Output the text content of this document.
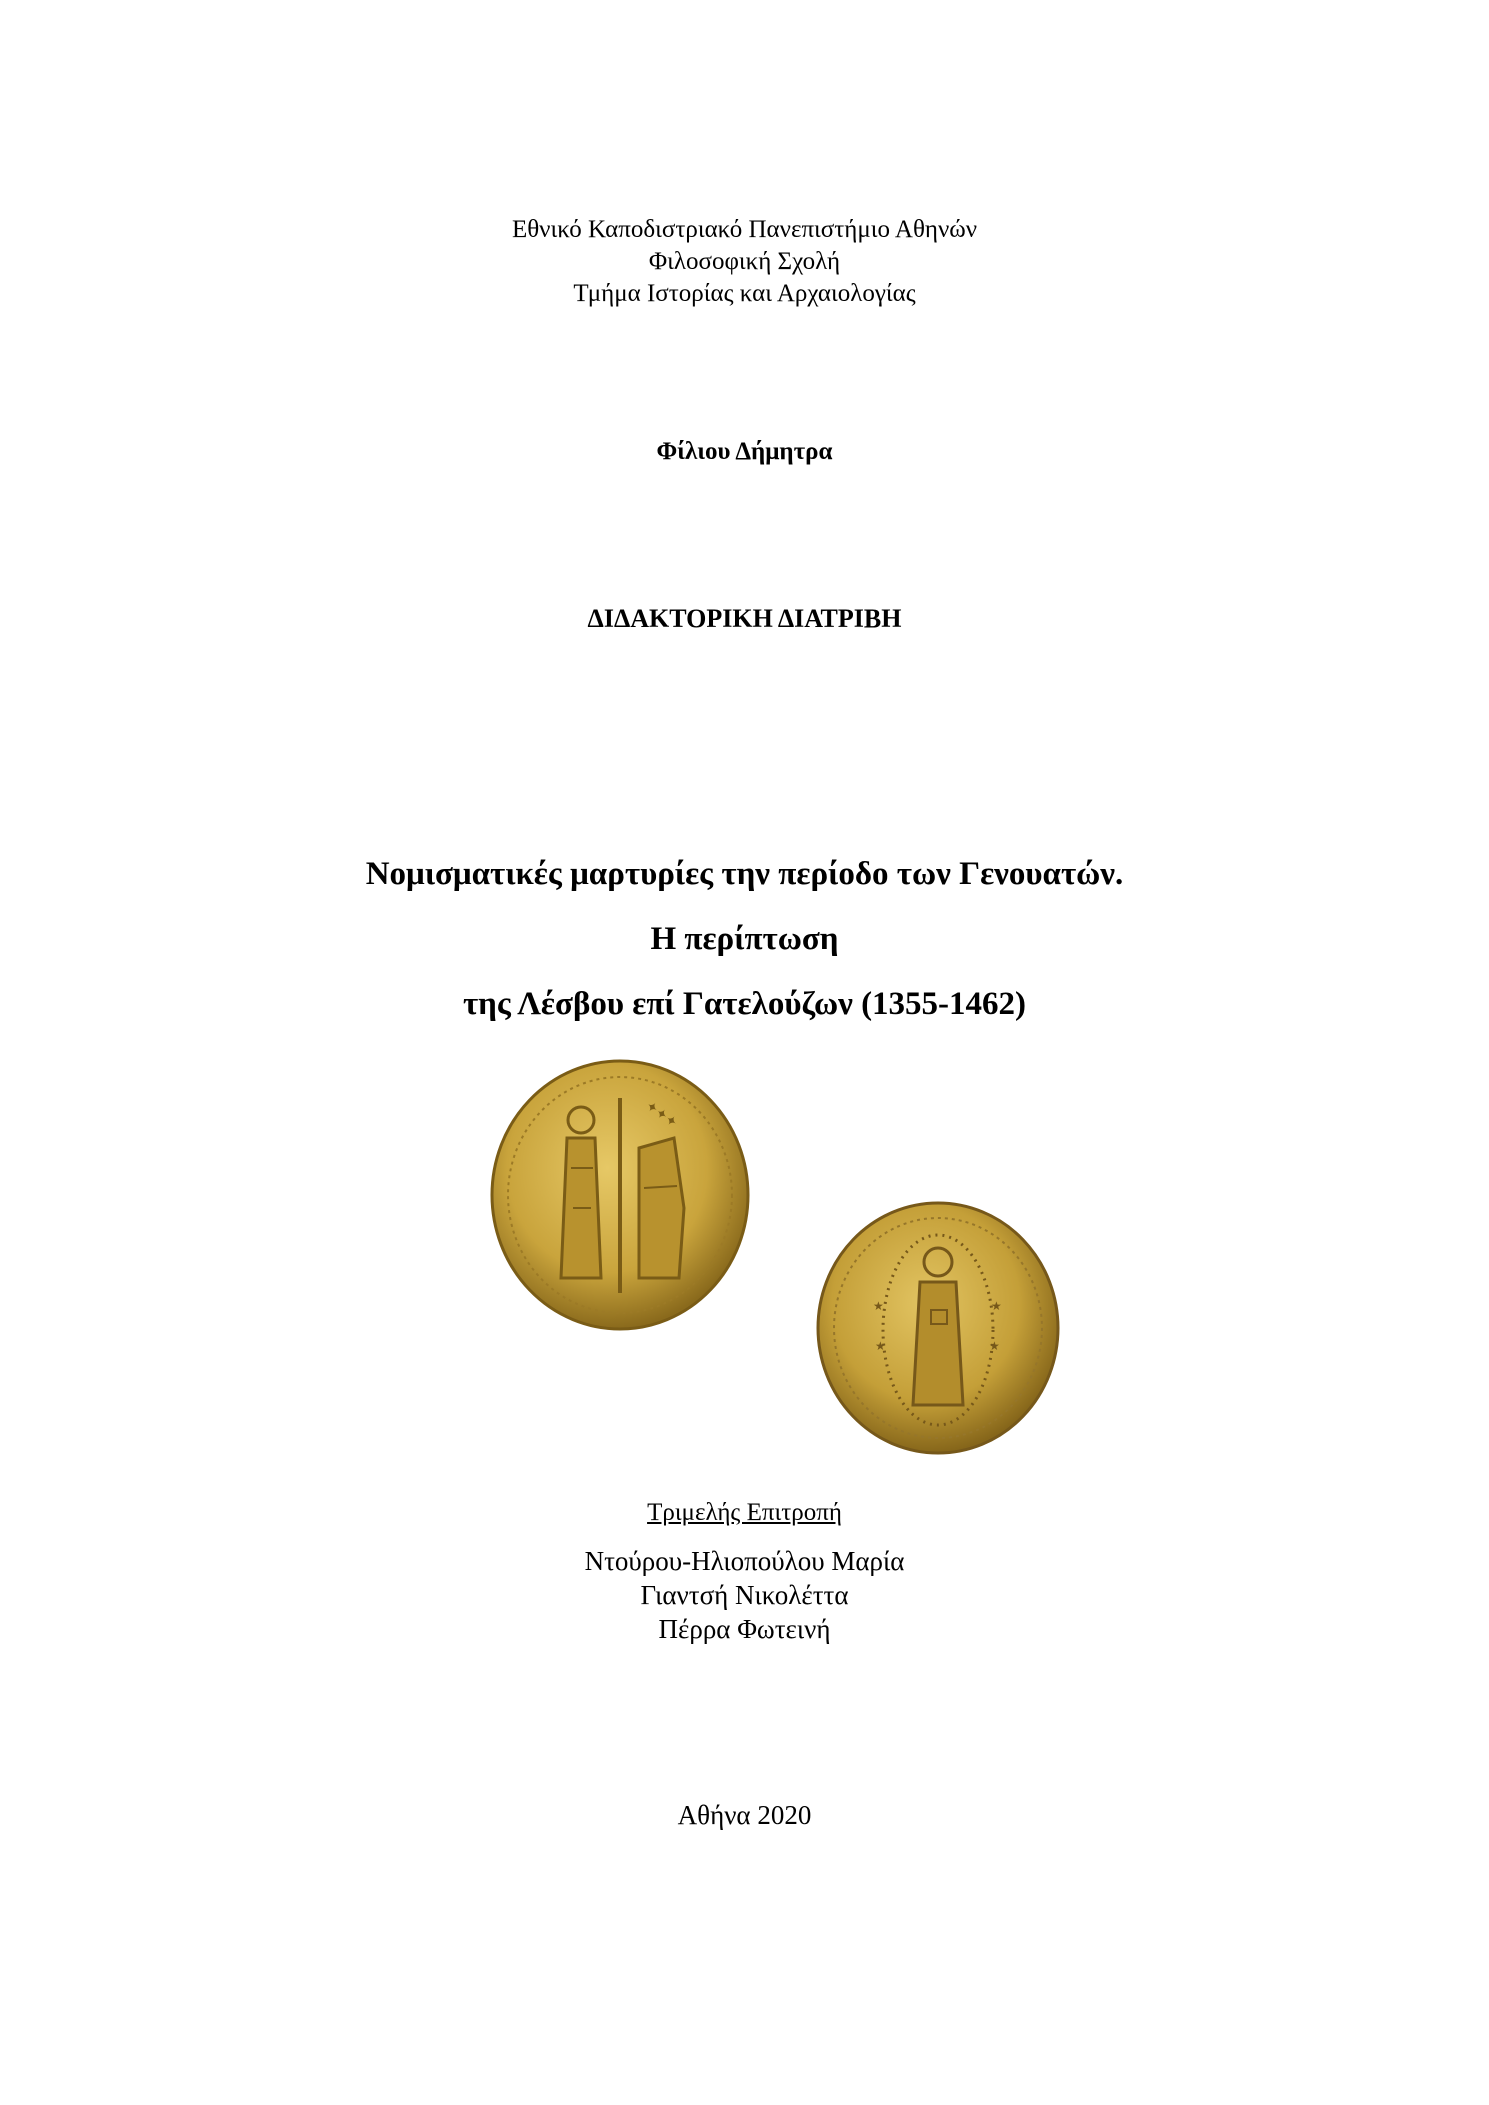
Εθνικό Καποδιστριακό Πανεπιστήμιο Αθηνών
Φιλοσοφική Σχολή
Τμήμα Ιστορίας και Αρχαιολογίας
Φίλιου Δήμητρα
ΔΙΔΑΚΤΟΡΙΚΗ ΔΙΑΤΡΙΒΗ
Νομισματικές μαρτυρίες την περίοδο των Γενουατών.
Η περίπτωση
της Λέσβου επί Γατελούζων (1355-1462)
✦✦✦
★
★
★
★
Τριμελής Επιτροπή
Ντούρου-Ηλιοπούλου Μαρία
Γιαντσή Νικολέττα
Πέρρα Φωτεινή
Αθήνα 2020
